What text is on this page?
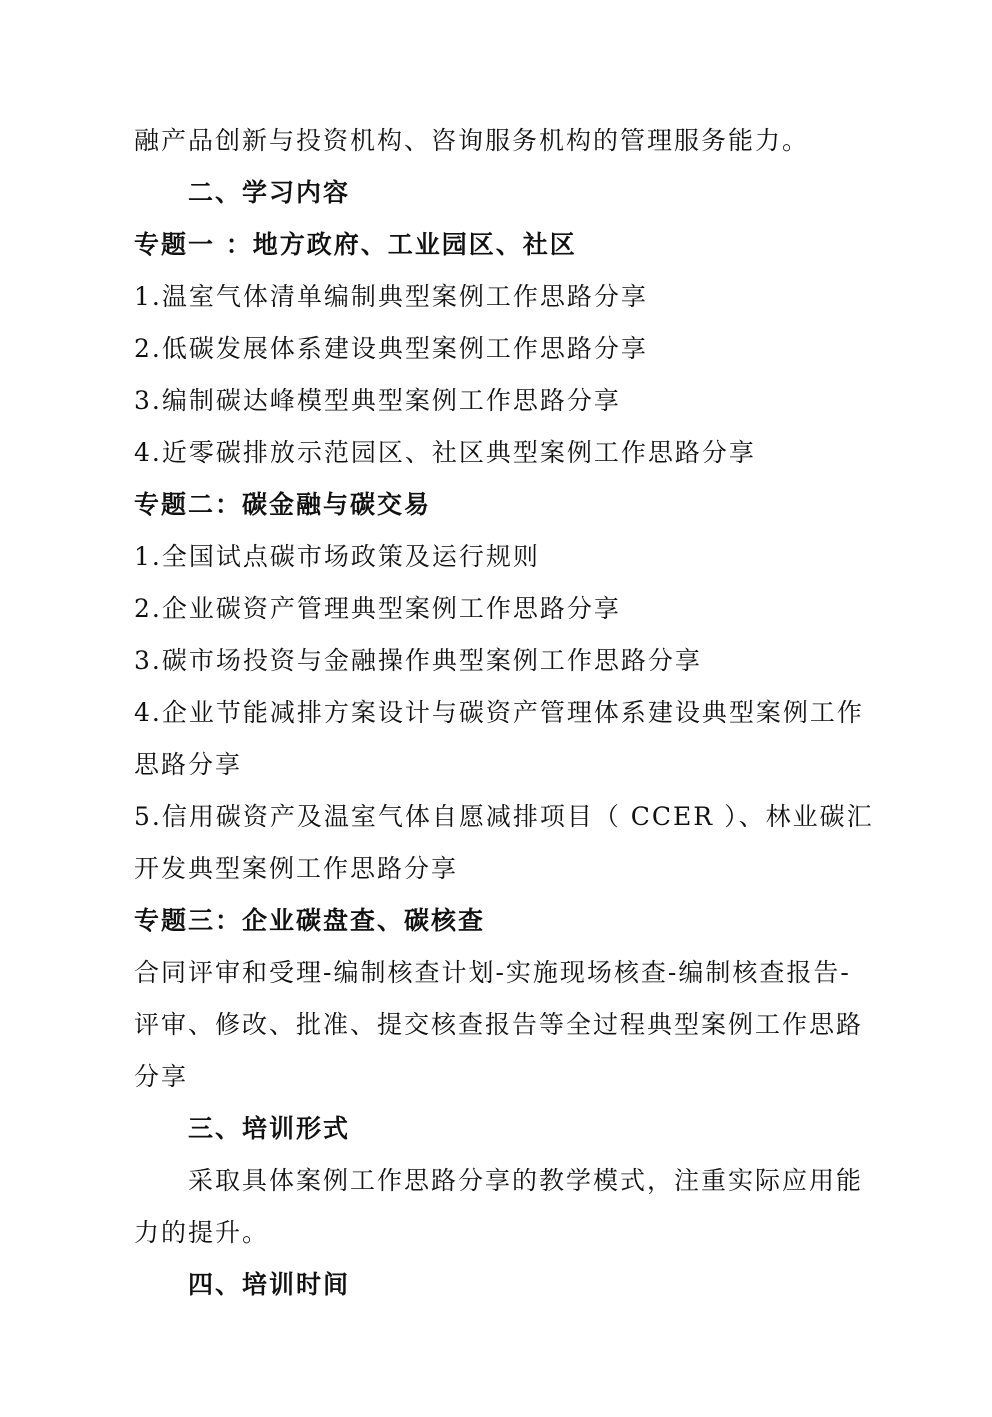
融产品创新与投资机构、咨询服务机构的管理服务能力。
二、学习内容
专题一 ：地方政府、工业园区、社区
1.温室气体清单编制典型案例工作思路分享
2.低碳发展体系建设典型案例工作思路分享
3.编制碳达峰模型典型案例工作思路分享
4.近零碳排放示范园区、社区典型案例工作思路分享
专题二：碳金融与碳交易
1.全国试点碳市场政策及运行规则
2.企业碳资产管理典型案例工作思路分享
3.碳市场投资与金融操作典型案例工作思路分享
4.企业节能减排方案设计与碳资产管理体系建设典型案例工作
思路分享
5.信用碳资产及温室气体自愿减排项目（ CCER ）、林业碳汇
开发典型案例工作思路分享
专题三：企业碳盘查、碳核查
合同评审和受理-编制核查计划-实施现场核查-编制核查报告-
评审、修改、批准、提交核查报告等全过程典型案例工作思路
分享
三、培训形式
采取具体案例工作思路分享的教学模式，注重实际应用能
力的提升。
四、培训时间
